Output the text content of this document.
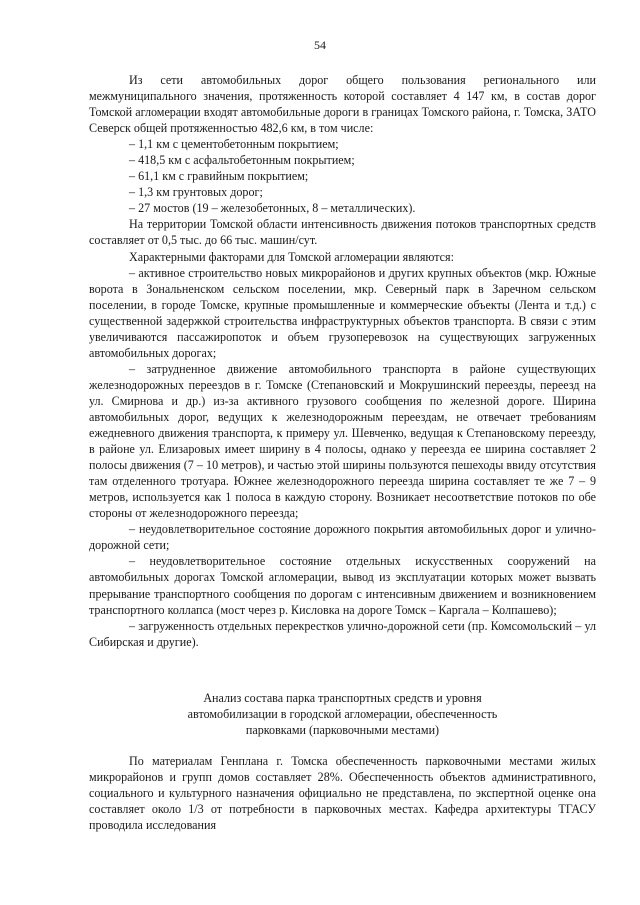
54

Из сети автомобильных дорог общего пользования регионального или межмуниципального значения, протяженность которой составляет 4 147 км, в состав дорог Томской агломерации входят автомобильные дороги в границах Томского района, г. Томска, ЗАТО Северск общей протяженностью 482,6 км, в том числе:

– 1,1 км с цементобетонным покрытием;

– 418,5 км с асфальтобетонным покрытием;

– 61,1 км с гравийным покрытием;

– 1,3 км грунтовых дорог;

– 27 мостов (19 – железобетонных, 8 – металлических).

На территории Томской области интенсивность движения потоков транспортных средств составляет от 0,5 тыс. до 66 тыс. машин/сут.

Характерными факторами для Томской агломерации являются:

– активное строительство новых микрорайонов и других крупных объектов (мкр. Южные ворота в Зональненском сельском поселении, мкр. Северный парк в Заречном сельском поселении, в городе Томске, крупные промышленные и коммерческие объекты (Лента и т.д.) с существенной задержкой строительства инфраструктурных объектов транспорта. В связи с этим увеличиваются пассажиропоток и объем грузоперевозок на существующих загруженных автомобильных дорогах;

– затрудненное движение автомобильного транспорта в районе существующих железнодорожных переездов в г. Томске (Степановский и Мокрушинский переезды, переезд на ул. Смирнова и др.) из-за активного грузового сообщения по железной дороге. Ширина автомобильных дорог, ведущих к железнодорожным переездам, не отвечает требованиям ежедневного движения транспорта, к примеру ул. Шевченко, ведущая к Степановскому переезду, в районе ул. Елизаровых имеет ширину в 4 полосы, однако у переезда ее ширина составляет 2 полосы движения (7 – 10 метров), и частью этой ширины пользуются пешеходы ввиду отсутствия там отделенного тротуара. Южнее железнодорожного переезда ширина составляет те же 7 – 9 метров, используется как 1 полоса в каждую сторону. Возникает несоответствие потоков по обе стороны от железнодорожного переезда;

– неудовлетворительное состояние дорожного покрытия автомобильных дорог и улично-дорожной сети;

– неудовлетворительное состояние отдельных искусственных сооружений на автомобильных дорогах Томской агломерации, вывод из эксплуатации которых может вызвать прерывание транспортного сообщения по дорогам с интенсивным движением и возникновением транспортного коллапса (мост через р. Кисловка на дороге Томск – Каргала – Колпашево);

– загруженность отдельных перекрестков улично-дорожной сети (пр. Комсомольский – ул Сибирская и другие).

Анализ состава парка транспортных средств и уровня
автомобилизации в городской агломерации, обеспеченность
парковками (парковочными местами)

По материалам Генплана г. Томска обеспеченность парковочными местами жилых микрорайонов и групп домов составляет 28%. Обеспеченность объектов административного, социального и культурного назначения официально не представлена, по экспертной оценке она составляет около 1/3 от потребности в парковочных местах. Кафедра архитектуры ТГАСУ проводила исследования
